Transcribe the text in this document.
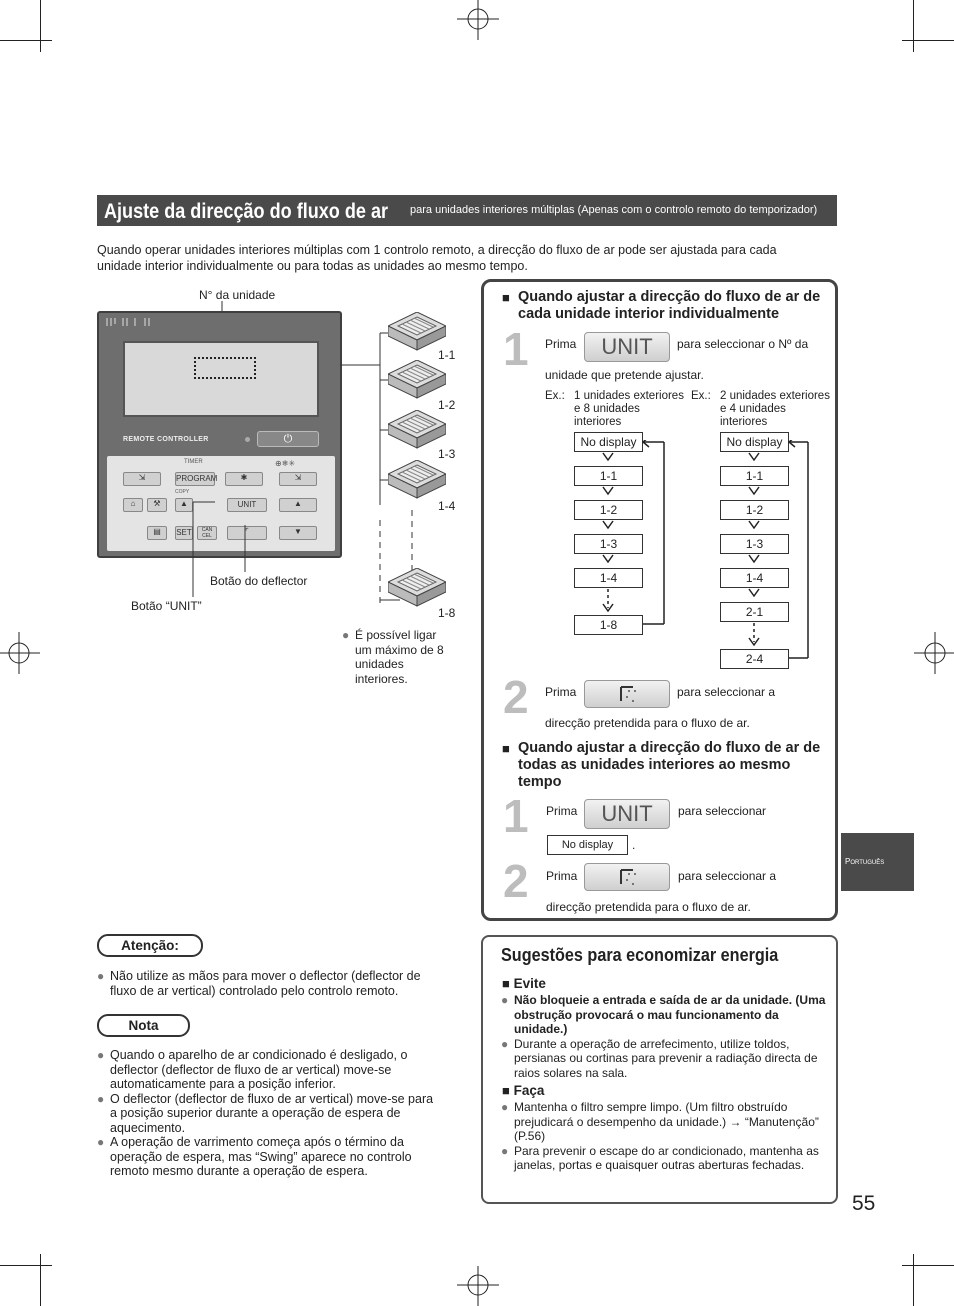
Ajuste da direcção do fluxo de ar para unidades interiores múltiplas (Apenas com o controlo remoto do temporizador)
Quando operar unidades interiores múltiplas com 1 controlo remoto, a direcção do fluxo de ar pode ser ajustada para cada unidade interior individualmente ou para todas as unidades ao mesmo tempo.
N° da unidade
REMOTE CONTROLLER	⏻
TIMER	⊕❄✳
⇲	PROGRAM	✱	⇲
COPY
⌂	⚒	▲	UNIT	▲
▤	SET	CAN CEL	⌜	▼
Botão do deflector
Botão “UNIT”
1-1
1-2
1-3
1-4
1-8
● É possível ligar um máximo de 8 unidades interiores.
■ Quando ajustar a direcção do fluxo de ar de cada unidade interior individualmente
1 Prima	UNIT	para seleccionar o Nº da
unidade que pretende ajustar.
Ex.: 1 unidades exteriores e 8 unidades interiores
Ex.: 2 unidades exteriores e 4 unidades interiores
No display
1-1
1-2
1-3
1-4
1-8
No display
1-1
1-2
1-3
1-4
2-1
2-4
2 Prima	para seleccionar a
direcção pretendida para o fluxo de ar.
■ Quando ajustar a direcção do fluxo de ar de todas as unidades interiores ao mesmo tempo
1 Prima	UNIT	para seleccionar
No display	.
2 Prima	para seleccionar a
direcção pretendida para o fluxo de ar.
Atenção:
● Não utilize as mãos para mover o deflector (deflector de fluxo de ar vertical) controlado pelo controlo remoto.
Nota
● Quando o aparelho de ar condicionado é desligado, o deflector (deflector de fluxo de ar vertical) move-se automaticamente para a posição inferior.
● O deflector (deflector de fluxo de ar vertical) move-se para a posição superior durante a operação de espera de aquecimento.
● A operação de varrimento começa após o término da operação de espera, mas “Swing” aparece no controlo remoto mesmo durante a operação de espera.
Sugestões para economizar energia
■ Evite
● Não bloqueie a entrada e saída de ar da unidade. (Uma obstrução provocará o mau funcionamento da unidade.)
● Durante a operação de arrefecimento, utilize toldos, persianas ou cortinas para prevenir a radiação directa de raios solares na sala.
■ Faça
● Mantenha o filtro sempre limpo. (Um filtro obstruído prejudicará o desempenho da unidade.) → “Manutenção” (P.56)
● Para prevenir o escape do ar condicionado, mantenha as janelas, portas e quaisquer outras aberturas fechadas.
Português
55
